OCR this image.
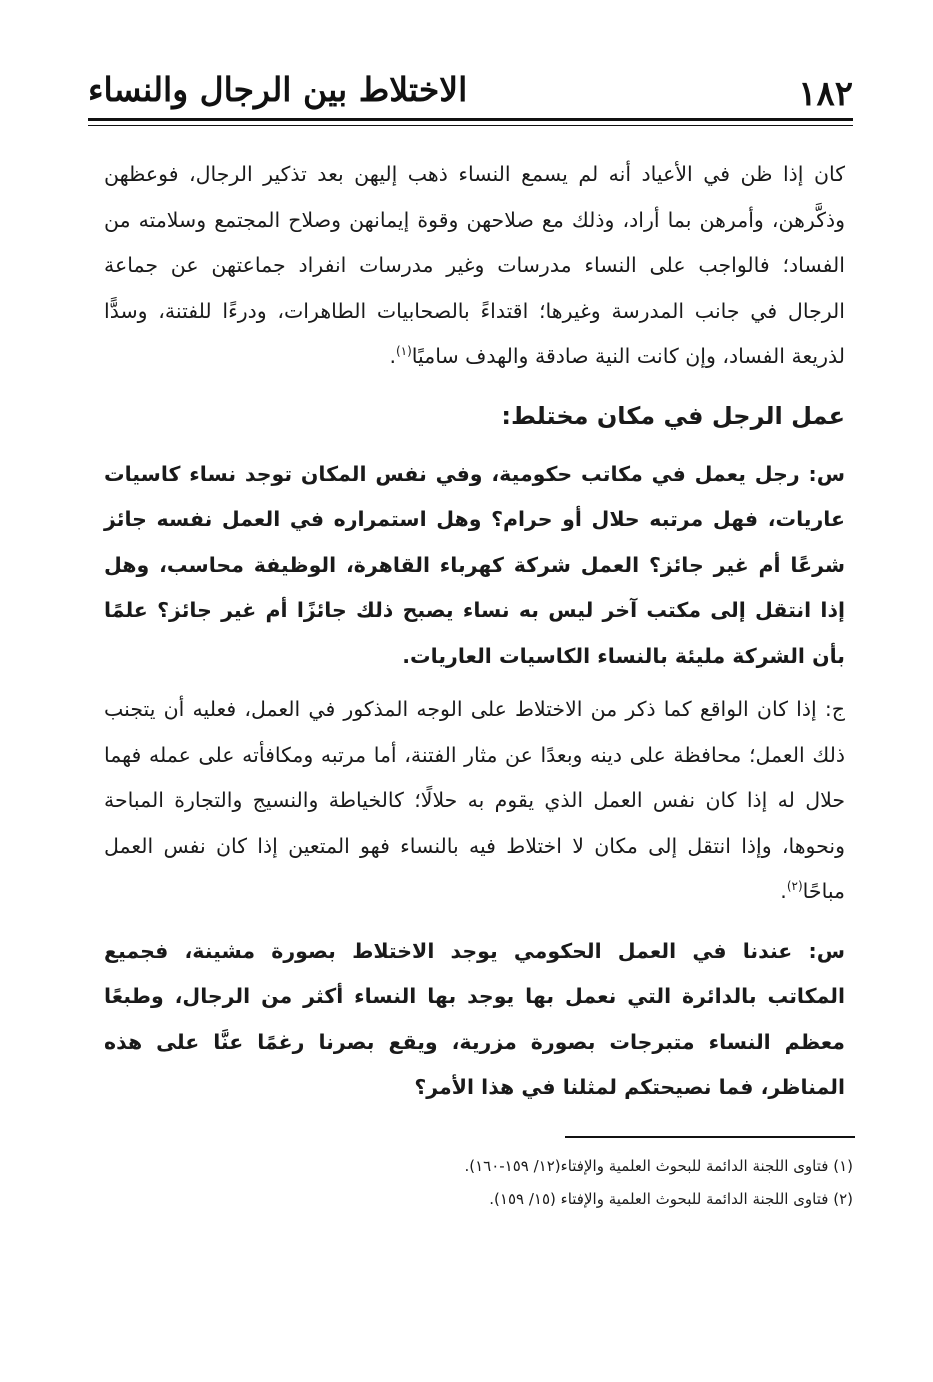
١٨٢
الاختلاط بين الرجال والنساء

كان إذا ظن في الأعياد أنه لم يسمع النساء ذهب إليهن بعد تذكير الرجال، فوعظهن وذكَّرهن، وأمرهن بما أراد، وذلك مع صلاحهن وقوة إيمانهن وصلاح المجتمع وسلامته من الفساد؛ فالواجب على النساء مدرسات وغير مدرسات انفراد جماعتهن عن جماعة الرجال في جانب المدرسة وغيرها؛ اقتداءً بالصحابيات الطاهرات، ودرءًا للفتنة، وسدًّا لذريعة الفساد، وإن كانت النية صادقة والهدف ساميًا$^{(١)}$.

عمل الرجل في مكان مختلط:

س: رجل يعمل في مكاتب حكومية، وفي نفس المكان توجد نساء كاسيات عاريات، فهل مرتبه حلال أو حرام؟ وهل استمراره في العمل نفسه جائز شرعًا أم غير جائز؟ العمل شركة كهرباء القاهرة، الوظيفة محاسب، وهل إذا انتقل إلى مكتب آخر ليس به نساء يصبح ذلك جائزًا أم غير جائز؟ علمًا بأن الشركة مليئة بالنساء الكاسيات العاريات.

ج: إذا كان الواقع كما ذكر من الاختلاط على الوجه المذكور في العمل، فعليه أن يتجنب ذلك العمل؛ محافظة على دينه وبعدًا عن مثار الفتنة، أما مرتبه ومكافأته على عمله فهما حلال له إذا كان نفس العمل الذي يقوم به حلالًا؛ كالخياطة والنسيج والتجارة المباحة ونحوها، وإذا انتقل إلى مكان لا اختلاط فيه بالنساء فهو المتعين إذا كان نفس العمل مباحًا$^{(٢)}$.

س: عندنا في العمل الحكومي يوجد الاختلاط بصورة مشينة، فجميع المكاتب بالدائرة التي نعمل بها يوجد بها النساء أكثر من الرجال، وطبعًا معظم النساء متبرجات بصورة مزرية، ويقع بصرنا رغمًا عنَّا على هذه المناظر، فما نصيحتكم لمثلنا في هذا الأمر؟

(١) فتاوى اللجنة الدائمة للبحوث العلمية والإفتاء(١٢/ ١٥٩-١٦٠).

(٢) فتاوى اللجنة الدائمة للبحوث العلمية والإفتاء (١٥/ ١٥٩).
